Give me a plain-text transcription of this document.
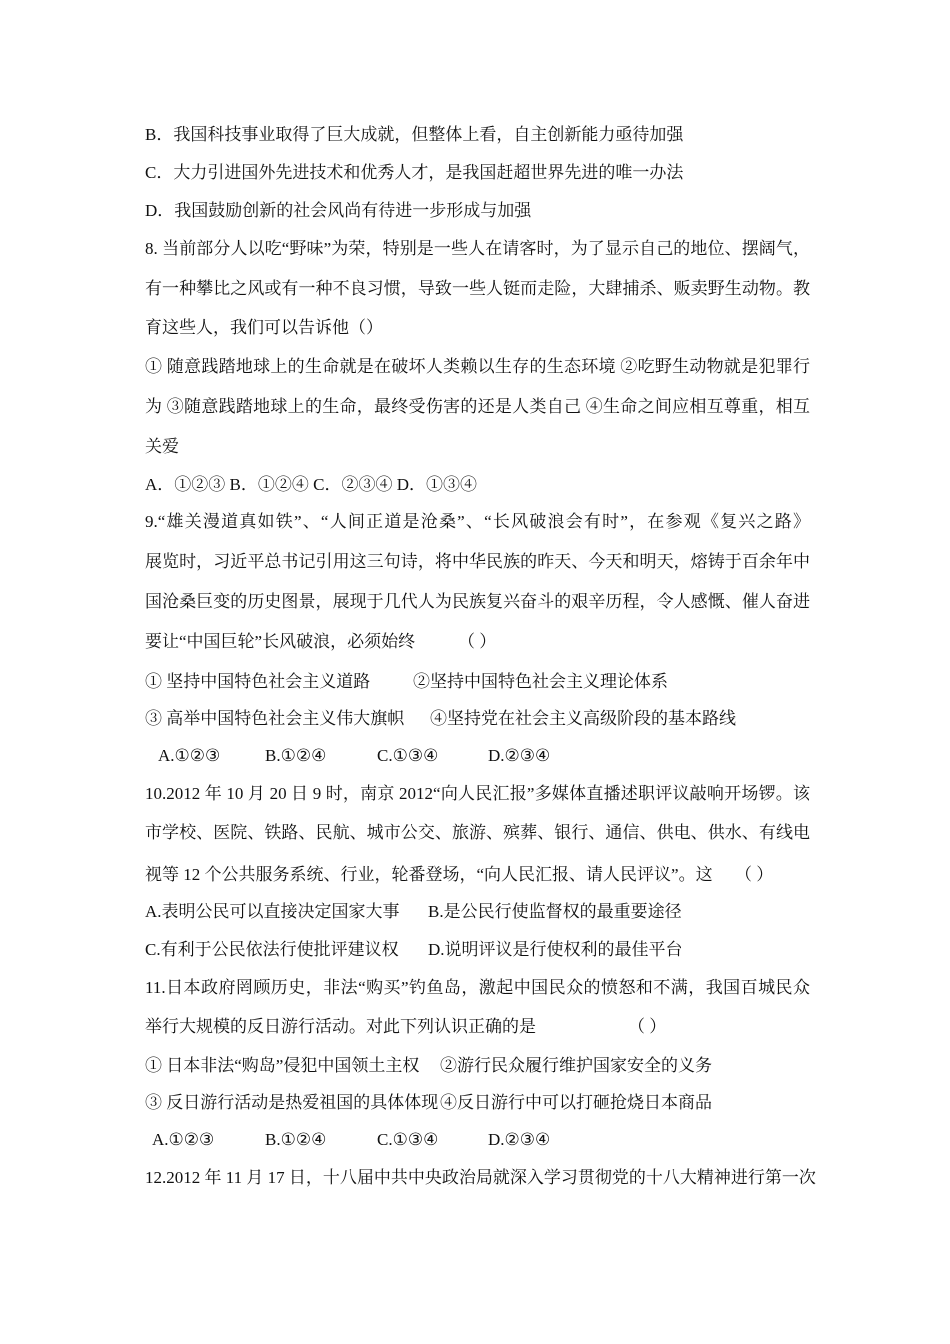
B．我国科技事业取得了巨大成就，但整体上看，自主创新能力亟待加强
C．大力引进国外先进技术和优秀人才，是我国赶超世界先进的唯一办法
D．我国鼓励创新的社会风尚有待进一步形成与加强
8. 当前部分人以吃“野味”为荣，特别是一些人在请客时，为了显示自己的地位、摆阔气，
有一种攀比之风或有一种不良习惯，导致一些人铤而走险，大肆捕杀、贩卖野生动物。教
育这些人，我们可以告诉他（）
① 随意践踏地球上的生命就是在破坏人类赖以生存的生态环境 ②吃野生动物就是犯罪行
为 ③随意践踏地球上的生命，最终受伤害的还是人类自己 ④生命之间应相互尊重，相互
关爱
A．①②③ B．①②④ C．②③④ D．①③④
9.“雄关漫道真如铁”、“人间正道是沧桑”、“长风破浪会有时”，在参观《复兴之路》
展览时，习近平总书记引用这三句诗，将中华民族的昨天、今天和明天，熔铸于百余年中
国沧桑巨变的历史图景，展现于几代人为民族复兴奋斗的艰辛历程，令人感慨、催人奋进
要让“中国巨轮”长风破浪，必须始终	（ ）
① 坚持中国特色社会主义道路	②坚持中国特色社会主义理论体系
③ 高举中国特色社会主义伟大旗帜 ④坚持党在社会主义高级阶段的基本路线
A.①②③	B.①②④	C.①③④	D.②③④
10.2012 年 10 月 20 日 9 时，南京 2012“向人民汇报”多媒体直播述职评议敲响开场锣。该
市学校、医院、铁路、民航、城市公交、旅游、殡葬、银行、通信、供电、供水、有线电
视等 12 个公共服务系统、行业，轮番登场，“向人民汇报、请人民评议”。这 （ ）
A.表明公民可以直接决定国家大事 B.是公民行使监督权的最重要途径
C.有利于公民依法行使批评建议权 D.说明评议是行使权利的最佳平台
11.日本政府罔顾历史，非法“购买”钓鱼岛，激起中国民众的愤怒和不满，我国百城民众
举行大规模的反日游行活动。对此下列认识正确的是	（ ）
① 日本非法“购岛”侵犯中国领土主权 ②游行民众履行维护国家安全的义务
③ 反日游行活动是热爱祖国的具体体现 ④反日游行中可以打砸抢烧日本商品
A.①②③	B.①②④	C.①③④	D.②③④
12.2012 年 11 月 17 日，十八届中共中央政治局就深入学习贯彻党的十八大精神进行第一次
